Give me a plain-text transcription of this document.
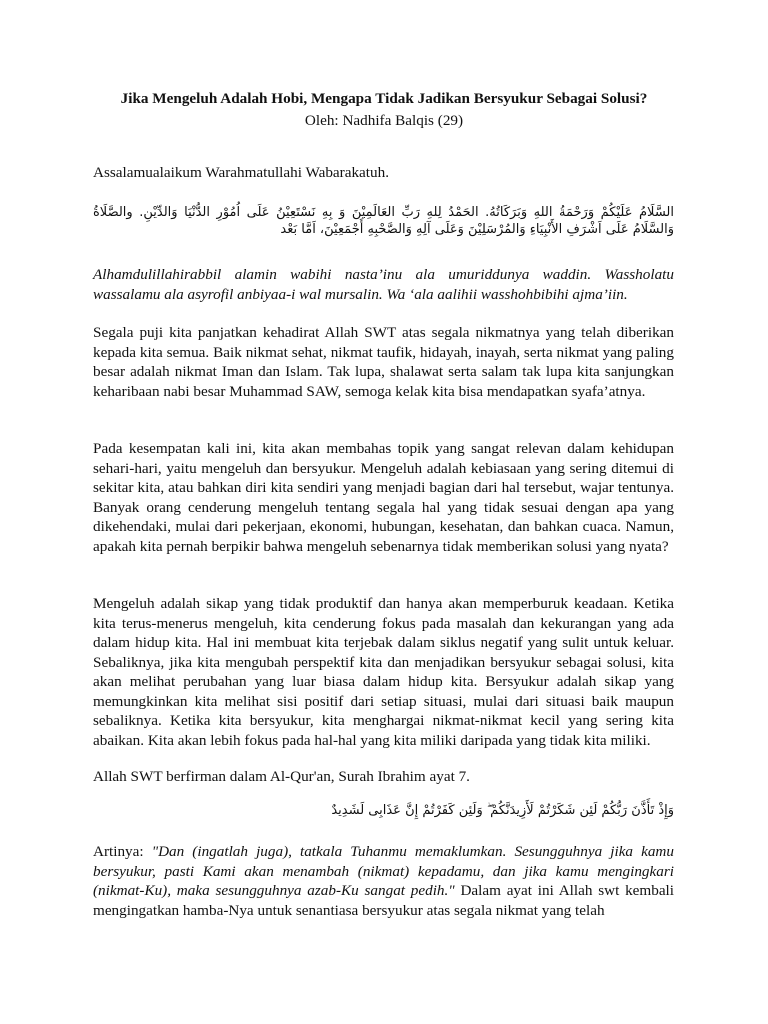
Jika Mengeluh Adalah Hobi, Mengapa Tidak Jadikan Bersyukur Sebagai Solusi?
Oleh: Nadhifa Balqis (29)

Assalamualaikum Warahmatullahi Wabarakatuh.

السَّلَامُ عَلَيْكُمْ وَرَحْمَةُ اللهِ وَبَرَكَاتُهُ. الحَمْدُ لِلهِ رَبِّ العَالَمِيْنَ وَ بِهِ نَسْتَعِيْنُ عَلَى اُمُوْرِ الدُّنْيَا وَالدِّيْنِ. والصَّلَاةُ وَالسَّلَامُ عَلَى اَشْرَفِ الأَنْبِيَاءِ وَالمُرْسَلِيْنَ وَعَلَى آلِهِ وَالصَّحْبِهِ أَجْمَعِيْنَ، اَمَّا بَعْد

Alhamdulillahirabbil alamin wabihi nasta’inu ala umuriddunya waddin. Wassholatu wassalamu ala asyrofil anbiyaa-i wal mursalin. Wa ‘ala aalihii wasshohbibihi ajma’iin.

Segala puji kita panjatkan kehadirat Allah SWT atas segala nikmatnya yang telah diberikan kepada kita semua. Baik nikmat sehat, nikmat taufik, hidayah, inayah, serta nikmat yang paling besar adalah nikmat Iman dan Islam. Tak lupa, shalawat serta salam tak lupa kita sanjungkan keharibaan nabi besar Muhammad SAW, semoga kelak kita bisa mendapatkan syafa’atnya.

Pada kesempatan kali ini, kita akan membahas topik yang sangat relevan dalam kehidupan sehari-hari, yaitu mengeluh dan bersyukur. Mengeluh adalah kebiasaan yang sering ditemui di sekitar kita, atau bahkan diri kita sendiri yang menjadi bagian dari hal tersebut, wajar tentunya. Banyak orang cenderung mengeluh tentang segala hal yang tidak sesuai dengan apa yang dikehendaki, mulai dari pekerjaan, ekonomi, hubungan, kesehatan, dan bahkan cuaca. Namun, apakah kita pernah berpikir bahwa mengeluh sebenarnya tidak memberikan solusi yang nyata?

Mengeluh adalah sikap yang tidak produktif dan hanya akan memperburuk keadaan. Ketika kita terus-menerus mengeluh, kita cenderung fokus pada masalah dan kekurangan yang ada dalam hidup kita. Hal ini membuat kita terjebak dalam siklus negatif yang sulit untuk keluar. Sebaliknya, jika kita mengubah perspektif kita dan menjadikan bersyukur sebagai solusi, kita akan melihat perubahan yang luar biasa dalam hidup kita. Bersyukur adalah sikap yang memungkinkan kita melihat sisi positif dari setiap situasi, mulai dari situasi baik maupun sebaliknya. Ketika kita bersyukur, kita menghargai nikmat-nikmat kecil yang sering kita abaikan. Kita akan lebih fokus pada hal-hal yang kita miliki daripada yang tidak kita miliki.

Allah SWT berfirman dalam Al-Qur'an, Surah Ibrahim ayat 7.

وَإِذْ تَأَذَّنَ رَبُّكُمْ لَئِن شَكَرْتُمْ لَأَزِيدَنَّكُمْ ۖ وَلَئِن كَفَرْتُمْ إِنَّ عَذَابِى لَشَدِيدٌ

Artinya: "Dan (ingatlah juga), tatkala Tuhanmu memaklumkan. Sesungguhnya jika kamu bersyukur, pasti Kami akan menambah (nikmat) kepadamu, dan jika kamu mengingkari (nikmat-Ku), maka sesungguhnya azab-Ku sangat pedih." Dalam ayat ini Allah swt kembali mengingatkan hamba-Nya untuk senantiasa bersyukur atas segala nikmat yang telah
